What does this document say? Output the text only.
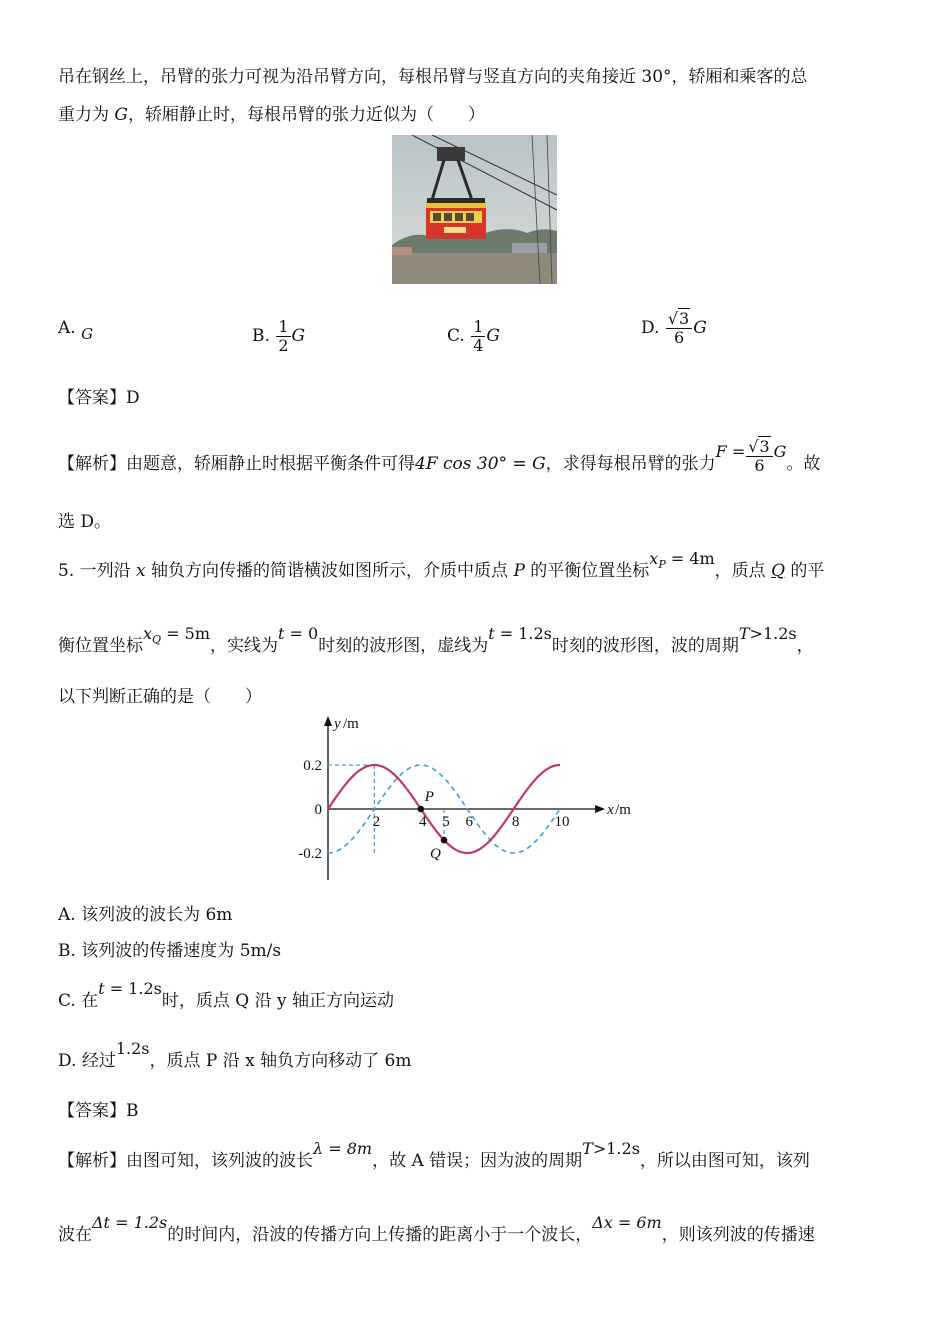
吊在钢丝上，吊臂的张力可视为沿吊臂方向，每根吊臂与竖直方向的夹角接近 30°，轿厢和乘客的总
重力为 G，轿厢静止时，每根吊臂的张力近似为（　　）
A. G	B. $\frac{1}{2}$ G	C. $\frac{1}{4}$ G	D. $\frac{√3}{6}$ G
【答案】D
【解析】由题意，轿厢静止时根据平衡条件可得4F cos 30° = G，求得每根吊臂的张力$F = \frac{√3}{6}$ G。故
选 D。
5. 一列沿 x 轴负方向传播的简谐横波如图所示，介质中质点 P 的平衡位置坐标$x_P = 4m$，质点 Q 的平
衡位置坐标$x_Q = 5m$，实线为t = 0时刻的波形图，虚线为t = 1.2s时刻的波形图，波的周期T>1.2s，
以下判断正确的是（　　）
y /m
x /m
0.2
0
-0.2
2	4 5 6	8 10
P
Q
A. 该列波的波长为 6m
B. 该列波的传播速度为 5m/s
C. 在t = 1.2s时，质点 Q 沿 y 轴正方向运动
D. 经过1.2s，质点 P 沿 x 轴负方向移动了 6m
【答案】B
【解析】由图可知，该列波的波长λ = 8m，故 A 错误；因为波的周期T>1.2s，所以由图可知，该列
波在Δt = 1.2s的时间内，沿波的传播方向上传播的距离小于一个波长，Δx = 6m，则该列波的传播速
